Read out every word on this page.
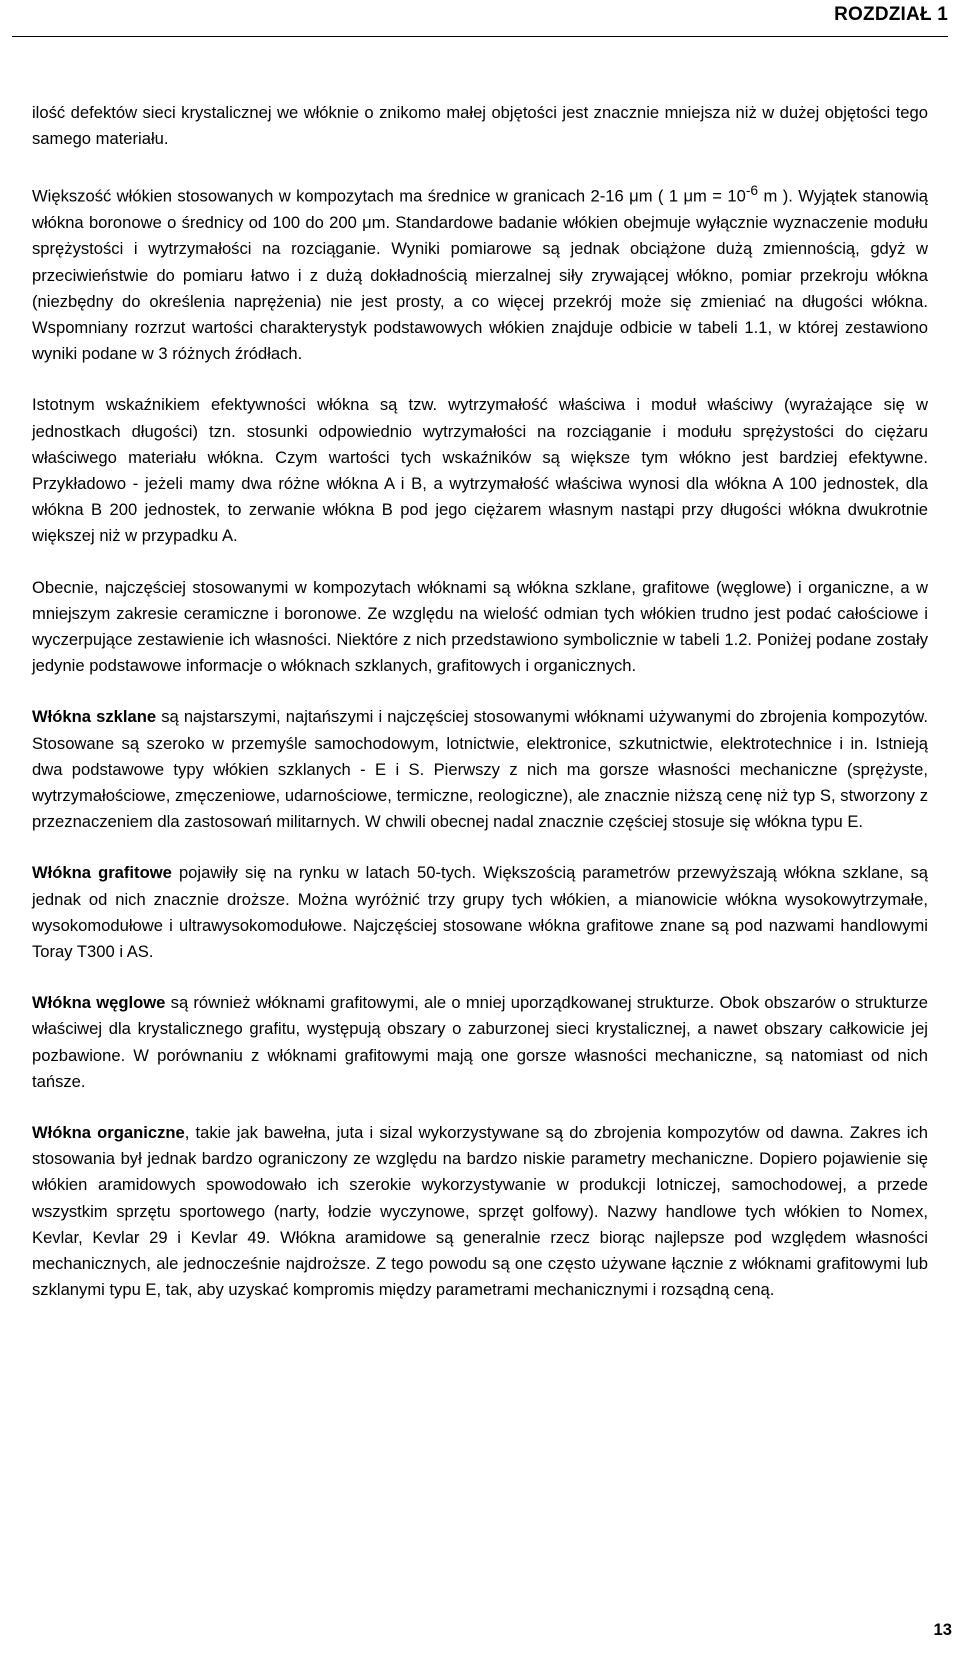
ROZDZIAŁ 1

ilość defektów sieci krystalicznej we włóknie o znikomo małej objętości jest znacznie mniejsza niż w dużej objętości tego samego materiału.

Większość włókien stosowanych w kompozytach ma średnice w granicach 2-16 μm ( 1 $\mu m = 10^{-6}$ m ). Wyjątek stanowią włókna boronowe o średnicy od 100 do 200 μm. Standardowe badanie włókien obejmuje wyłącznie wyznaczenie modułu sprężystości i wytrzymałości na rozciąganie. Wyniki pomiarowe są jednak obciążone dużą zmiennością, gdyż w przeciwieństwie do pomiaru łatwo i z dużą dokładnością mierzalnej siły zrywającej włókno, pomiar przekroju włókna (niezbędny do określenia naprężenia) nie jest prosty, a co więcej przekrój może się zmieniać na długości włókna. Wspomniany rozrzut wartości charakterystyk podstawowych włókien znajduje odbicie w tabeli 1.1, w której zestawiono wyniki podane w 3 różnych źródłach.

Istotnym wskaźnikiem efektywności włókna są tzw. wytrzymałość właściwa i moduł właściwy (wyrażające się w jednostkach długości) tzn. stosunki odpowiednio wytrzymałości na rozciąganie i modułu sprężystości do ciężaru właściwego materiału włókna. Czym wartości tych wskaźników są większe tym włókno jest bardziej efektywne. Przykładowo - jeżeli mamy dwa różne włókna A i B, a wytrzymałość właściwa wynosi dla włókna A 100 jednostek, dla włókna B 200 jednostek, to zerwanie włókna B pod jego ciężarem własnym nastąpi przy długości włókna dwukrotnie większej niż w przypadku A.

Obecnie, najczęściej stosowanymi w kompozytach włóknami są włókna szklane, grafitowe (węglowe) i organiczne, a w mniejszym zakresie ceramiczne i boronowe. Ze względu na wielość odmian tych włókien trudno jest podać całościowe i wyczerpujące zestawienie ich własności. Niektóre z nich przedstawiono symbolicznie w tabeli 1.2. Poniżej podane zostały jedynie podstawowe informacje o włóknach szklanych, grafitowych i organicznych.

Włókna szklane są najstarszymi, najtańszymi i najczęściej stosowanymi włóknami używanymi do zbrojenia kompozytów. Stosowane są szeroko w przemyśle samochodowym, lotnictwie, elektronice, szkutnictwie, elektrotechnice i in. Istnieją dwa podstawowe typy włókien szklanych - E i S. Pierwszy z nich ma gorsze własności mechaniczne (sprężyste, wytrzymałościowe, zmęczeniowe, udarnościowe, termiczne, reologiczne), ale znacznie niższą cenę niż typ S, stworzony z przeznaczeniem dla zastosowań militarnych. W chwili obecnej nadal znacznie częściej stosuje się włókna typu E.

Włókna grafitowe pojawiły się na rynku w latach 50-tych. Większością parametrów przewyższają włókna szklane, są jednak od nich znacznie droższe. Można wyróżnić trzy grupy tych włókien, a mianowicie włókna wysokowytrzymałe, wysokomodułowe i ultrawysokomodułowe. Najczęściej stosowane włókna grafitowe znane są pod nazwami handlowymi Toray T300 i AS.

Włókna węglowe są również włóknami grafitowymi, ale o mniej uporządkowanej strukturze. Obok obszarów o strukturze właściwej dla krystalicznego grafitu, występują obszary o zaburzonej sieci krystalicznej, a nawet obszary całkowicie jej pozbawione. W porównaniu z włóknami grafitowymi mają one gorsze własności mechaniczne, są natomiast od nich tańsze.

Włókna organiczne, takie jak bawełna, juta i sizal wykorzystywane są do zbrojenia kompozytów od dawna. Zakres ich stosowania był jednak bardzo ograniczony ze względu na bardzo niskie parametry mechaniczne. Dopiero pojawienie się włókien aramidowych spowodowało ich szerokie wykorzystywanie w produkcji lotniczej, samochodowej, a przede wszystkim sprzętu sportowego (narty, łodzie wyczynowe, sprzęt golfowy). Nazwy handlowe tych włókien to Nomex, Kevlar, Kevlar 29 i Kevlar 49. Włókna aramidowe są generalnie rzecz biorąc najlepsze pod względem własności mechanicznych, ale jednocześnie najdroższe. Z tego powodu są one często używane łącznie z włóknami grafitowymi lub szklanymi typu E, tak, aby uzyskać kompromis między parametrami mechanicznymi i rozsądną ceną.

13
